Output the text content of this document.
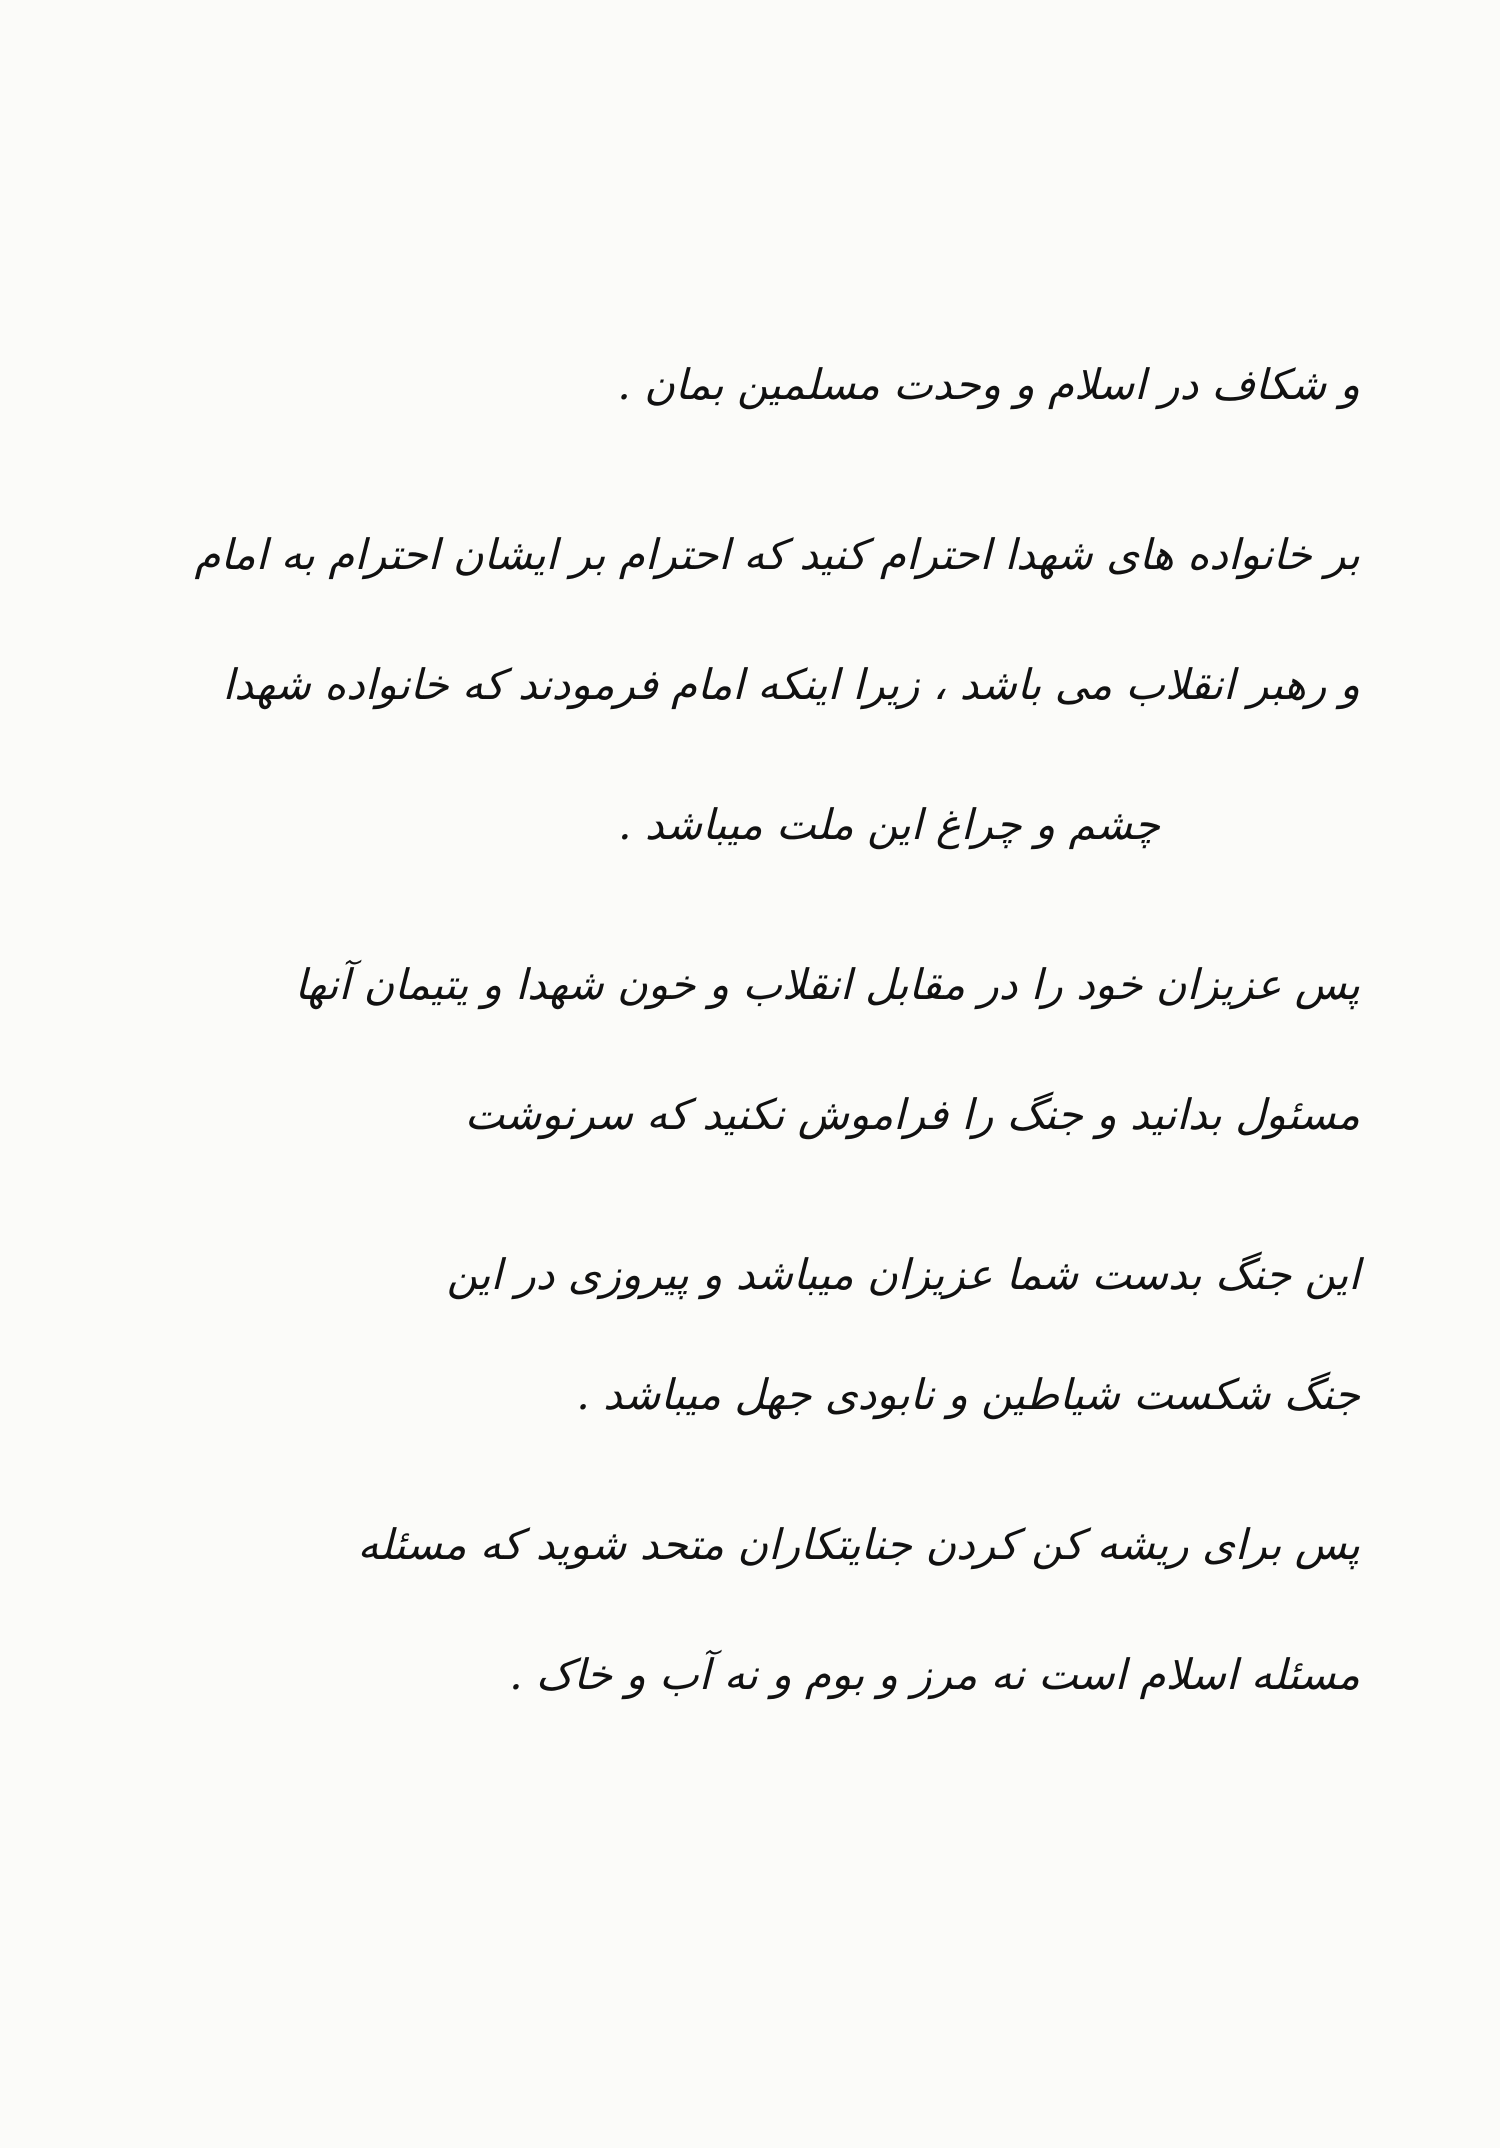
و شکاف در اسلام و وحدت مسلمین بمان .
بر خانواده های شهدا احترام کنید که احترام بر ایشان احترام به امام
و رهبر انقلاب می باشد ، زیرا اینکه امام فرمودند که خانواده شهدا
چشم و چراغ این ملت میباشد .
پس عزیزان خود را در مقابل انقلاب و خون شهدا و یتیمان آنها
مسئول بدانید و جنگ را فراموش نکنید که سرنوشت
این جنگ بدست شما عزیزان میباشد و پیروزی در این
جنگ شکست شیاطین و نابودی جهل میباشد .
پس برای ریشه کن کردن جنایتکاران متحد شوید که مسئله
مسئله اسلام است نه مرز و بوم و نه آب و خاک .
